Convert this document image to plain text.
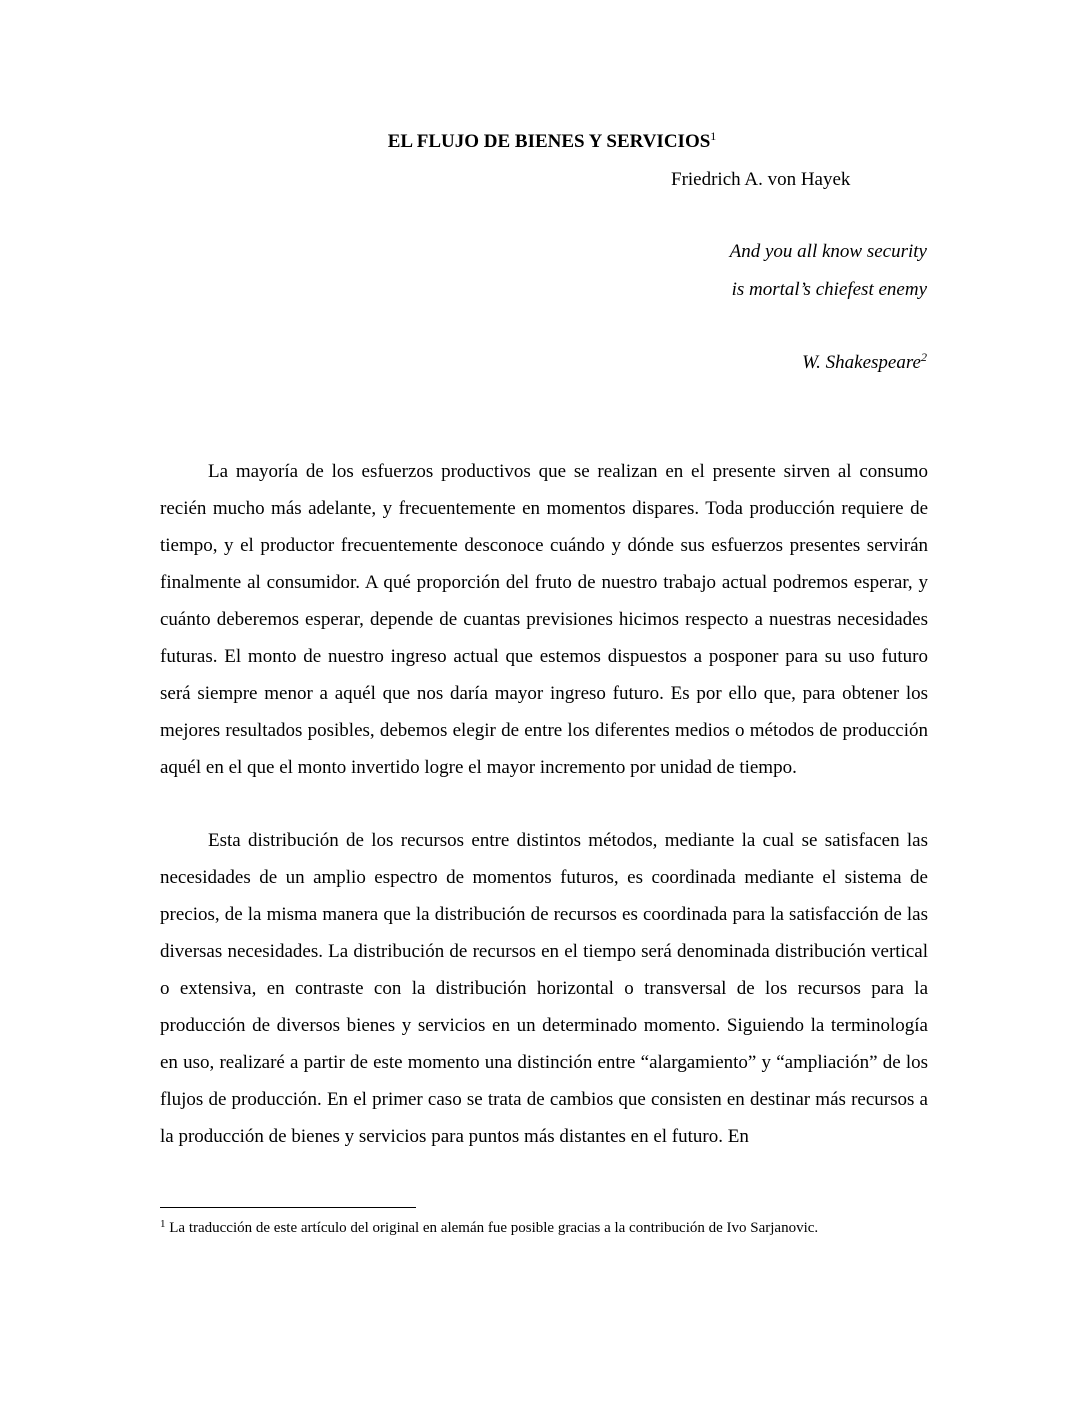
EL FLUJO DE BIENES Y SERVICIOS$^1$
Friedrich A. von Hayek
And you all know security
is mortal’s chiefest enemy
W. Shakespeare$^2$

La mayoría de los esfuerzos productivos que se realizan en el presente sirven al consumo recién mucho más adelante, y frecuentemente en momentos dispares. Toda producción requiere de tiempo, y el productor frecuentemente desconoce cuándo y dónde sus esfuerzos presentes servirán finalmente al consumidor. A qué proporción del fruto de nuestro trabajo actual podremos esperar, y cuánto deberemos esperar, depende de cuantas previsiones hicimos respecto a nuestras necesidades futuras. El monto de nuestro ingreso actual que estemos dispuestos a posponer para su uso futuro será siempre menor a aquél que nos daría mayor ingreso futuro. Es por ello que, para obtener los mejores resultados posibles, debemos elegir de entre los diferentes medios o métodos de producción aquél en el que el monto invertido logre el mayor incremento por unidad de tiempo.

Esta distribución de los recursos entre distintos métodos, mediante la cual se satisfacen las necesidades de un amplio espectro de momentos futuros, es coordinada mediante el sistema de precios, de la misma manera que la distribución de recursos es coordinada para la satisfacción de las diversas necesidades. La distribución de recursos en el tiempo será denominada distribución vertical o extensiva, en contraste con la distribución horizontal o transversal de los recursos para la producción de diversos bienes y servicios en un determinado momento. Siguiendo la terminología en uso, realizaré a partir de este momento una distinción entre “alargamiento” y “ampliación” de los flujos de producción. En el primer caso se trata de cambios que consisten en destinar más recursos a la producción de bienes y servicios para puntos más distantes en el futuro. En

$^1$ La traducción de este artículo del original en alemán fue posible gracias a la contribución de Ivo Sarjanovic.
